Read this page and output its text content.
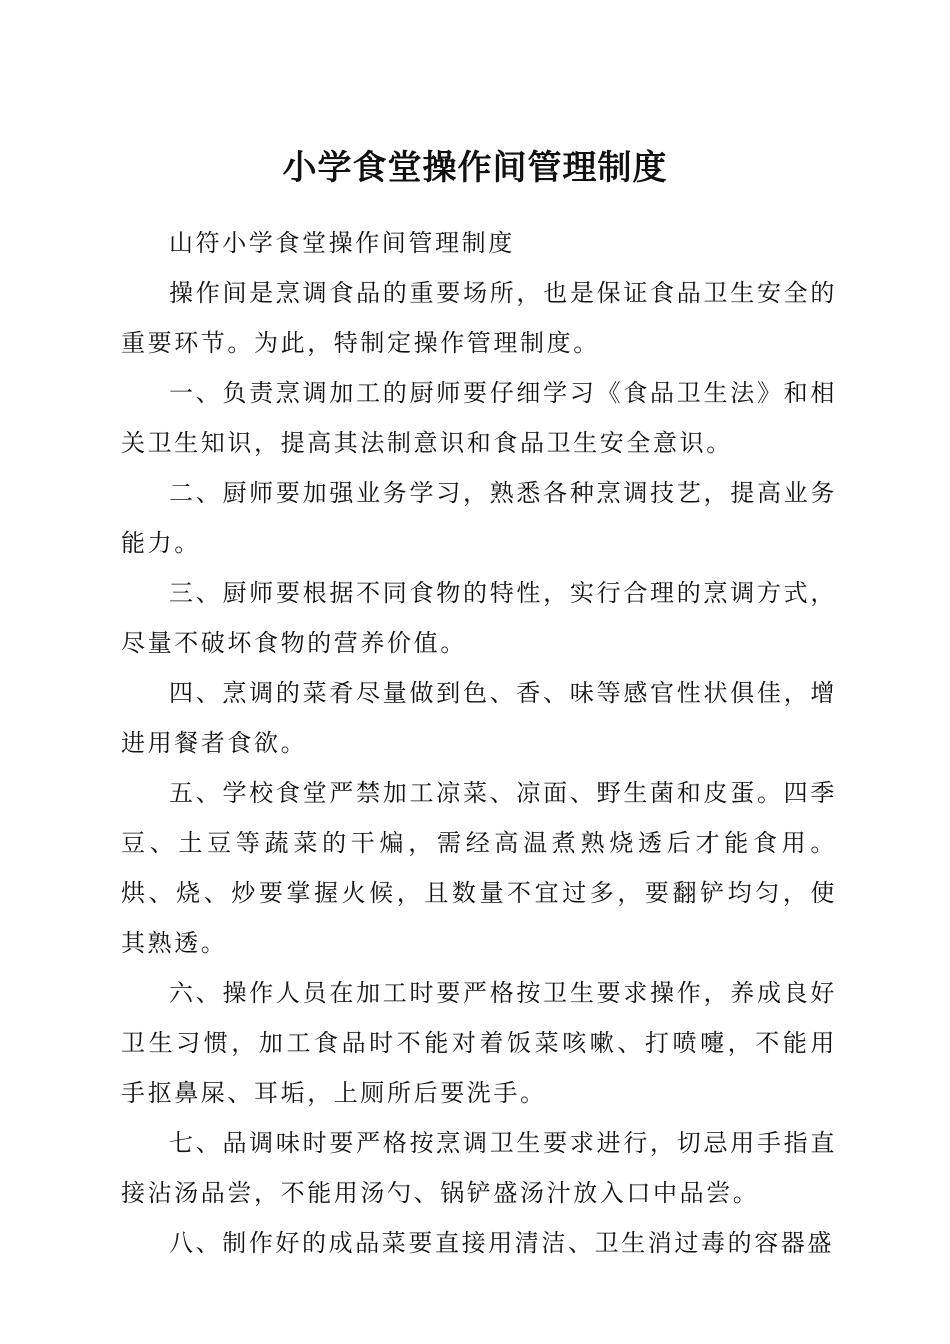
小学食堂操作间管理制度

山符小学食堂操作间管理制度

操作间是烹调食品的重要场所，也是保证食品卫生安全的重要环节。为此，特制定操作管理制度。

一、负责烹调加工的厨师要仔细学习《食品卫生法》和相关卫生知识，提高其法制意识和食品卫生安全意识。

二、厨师要加强业务学习，熟悉各种烹调技艺，提高业务能力。

三、厨师要根据不同食物的特性，实行合理的烹调方式，尽量不破坏食物的营养价值。

四、烹调的菜肴尽量做到色、香、味等感官性状俱佳，增进用餐者食欲。

五、学校食堂严禁加工凉菜、凉面、野生菌和皮蛋。四季豆、土豆等蔬菜的干煸，需经高温煮熟烧透后才能食用。烘、烧、炒要掌握火候，且数量不宜过多，要翻铲均匀，使其熟透。

六、操作人员在加工时要严格按卫生要求操作，养成良好卫生习惯，加工食品时不能对着饭菜咳嗽、打喷嚏，不能用手抠鼻屎、耳垢，上厕所后要洗手。

七、品调味时要严格按烹调卫生要求进行，切忌用手指直接沾汤品尝，不能用汤勺、锅铲盛汤汁放入口中品尝。

八、制作好的成品菜要直接用清洁、卫生消过毒的容器盛
